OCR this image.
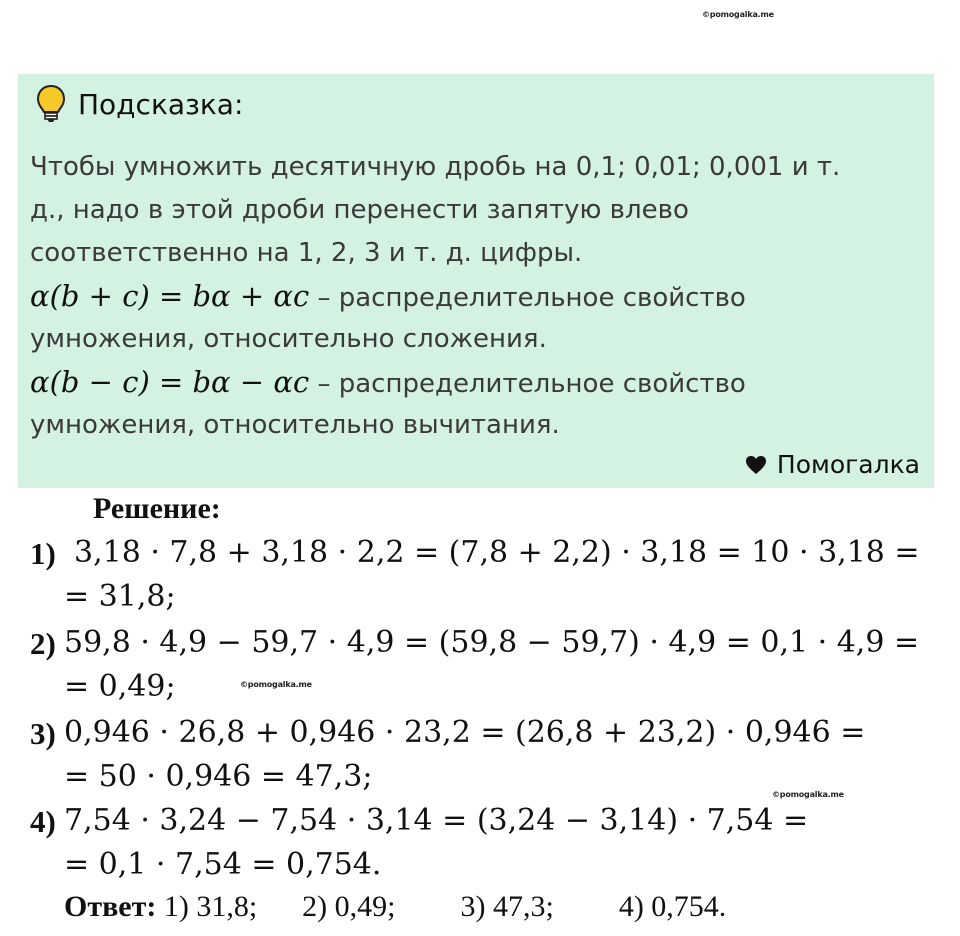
©pomogalka.me
Подсказка:
Чтобы умножить десятичную дробь на 0,1; 0,01; 0,001 и т.
д., надо в этой дроби перенести запятую влево
соответственно на 1, 2, 3 и т. д. цифры.
α(b + c) = bα + αc – распределительное свойство
умножения, относительно сложения.
α(b − c) = bα − αc – распределительное свойство
умножения, относительно вычитания.
Помогалка
Решение:
1) 3,18 · 7,8 + 3,18 · 2,2 = (7,8 + 2,2) · 3,18 = 10 · 3,18 =
= 31,8;
2) 59,8 · 4,9 − 59,7 · 4,9 = (59,8 − 59,7) · 4,9 = 0,1 · 4,9 =
= 0,49;	©pomogalka.me
3) 0,946 · 26,8 + 0,946 · 23,2 = (26,8 + 23,2) · 0,946 =
= 50 · 0,946 = 47,3;
©pomogalka.me
4) 7,54 · 3,24 − 7,54 · 3,14 = (3,24 − 3,14) · 7,54 =
= 0,1 · 7,54 = 0,754.
Ответ: 1) 31,8; 2) 0,49; 3) 47,3; 4) 0,754.
